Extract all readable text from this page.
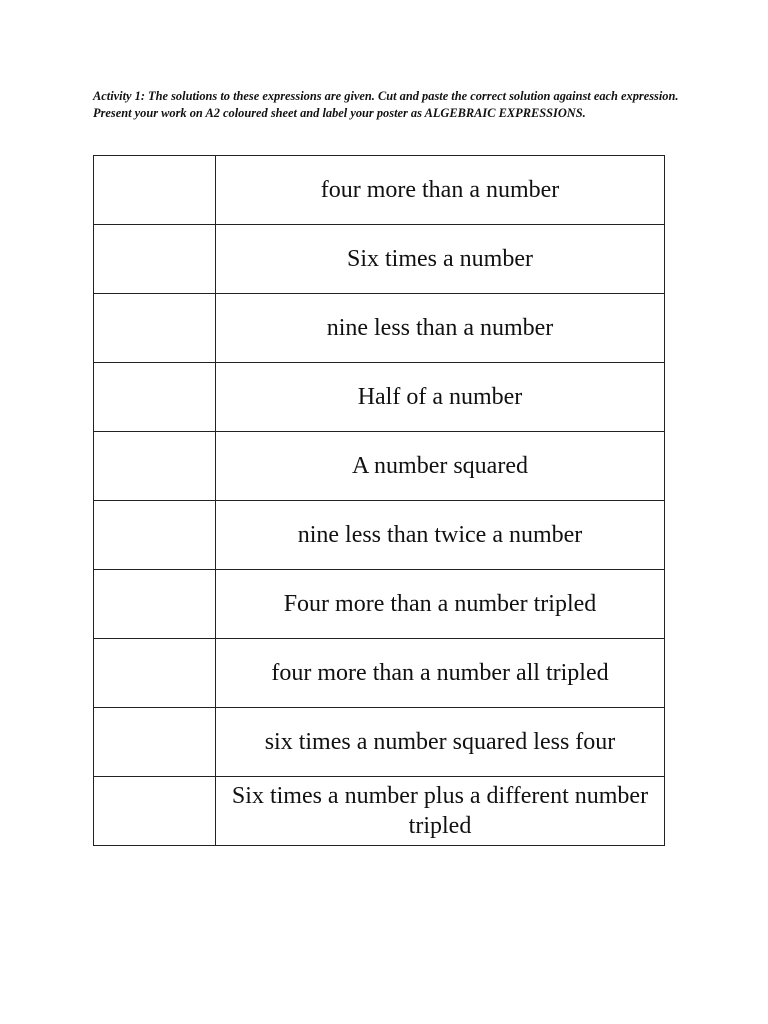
Activity 1: The solutions to these expressions are given. Cut and paste the correct solution against each expression. Present your work on A2 coloured sheet and label your poster as ALGEBRAIC EXPRESSIONS.

	four more than a number
	Six times a number
	nine less than a number
	Half of a number
	A number squared
	nine less than twice a number
	Four more than a number tripled
	four more than a number all tripled
	six times a number squared less four
	Six times a number plus a different number tripled
